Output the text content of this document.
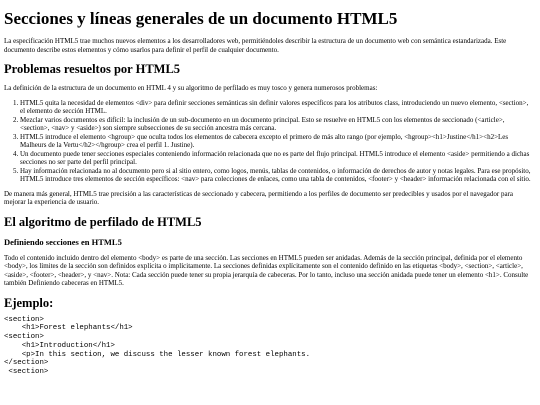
Secciones y líneas generales de un documento HTML5

La especificación HTML5 trae muchos nuevos elementos a los desarrolladores web, permitiéndoles describir la estructura de un documento web con semántica estandarizada. Este documento describe estos elementos y cómo usarlos para definir el perfil de cualquier documento.

Problemas resueltos por HTML5

La definición de la estructura de un documento en HTML 4 y su algoritmo de perfilado es muy tosco y genera numerosos problemas:

1. HTML5 quita la necesidad de elementos <div> para definir secciones semánticas sin definir valores específicos para los atributos class, introduciendo un nuevo elemento, <section>, el elemento de sección HTML.
2. Mezclar varios documentos es difícil: la inclusión de un sub-documento en un documento principal. Esto se resuelve en HTML5 con los elementos de seccionado (<article>, <section>, <nav> y <aside>) son siempre subsecciones de su sección ancestra más cercana.
3. HTML5 introduce el elemento <hgroup> que oculta todos los elementos de cabecera excepto el primero de más alto rango (por ejemplo, <hgroup><h1>Justine</h1><h2>Les Malheurs de la Vertu</h2></hgroup> crea el perfil 1. Justine).
4. Un documento puede tener secciones especiales conteniendo información relacionada que no es parte del flujo principal. HTML5 introduce el elemento <aside> permitiendo a dichas secciones no ser parte del perfil principal.
5. Hay información relacionada no al documento pero si al sitio entero, como logos, menús, tablas de contenidos, o información de derechos de autor y notas legales. Para ese propósito, HTML5 introduce tres elementos de sección específicos: <nav> para colecciones de enlaces, como una tabla de contenidos, <footer> y <header> información relacionada con el sitio.

De manera más general, HTML5 trae precisión a las características de seccionado y cabecera, permitiendo a los perfiles de documento ser predecibles y usados por el navegador para mejorar la experiencia de usuario.

El algoritmo de perfilado de HTML5
Definiendo secciones en HTML5

Todo el contenido incluido dentro del elemento <body> es parte de una sección. Las secciones en HTML5 pueden ser anidadas. Además de la sección principal, definida por el elemento <body>, los límites de la sección son definidos explícita o implícitamente. La secciones definidas explícitamente son el contenido definido en las etiquetas <body>, <section>, <article>, <aside>, <footer>, <header>, y <nav>. Nota: Cada sección puede tener su propia jerarquía de cabeceras. Por lo tanto, incluso una sección anidada puede tener un elemento <h1>. Consulte también Definiendo cabeceras en HTML5.

Ejemplo:
<section>
<h1>Forest elephants</h1>
<section>
<h1>Introduction</h1>
<p>In this section, we discuss the lesser known forest elephants.
</section>
<section>
